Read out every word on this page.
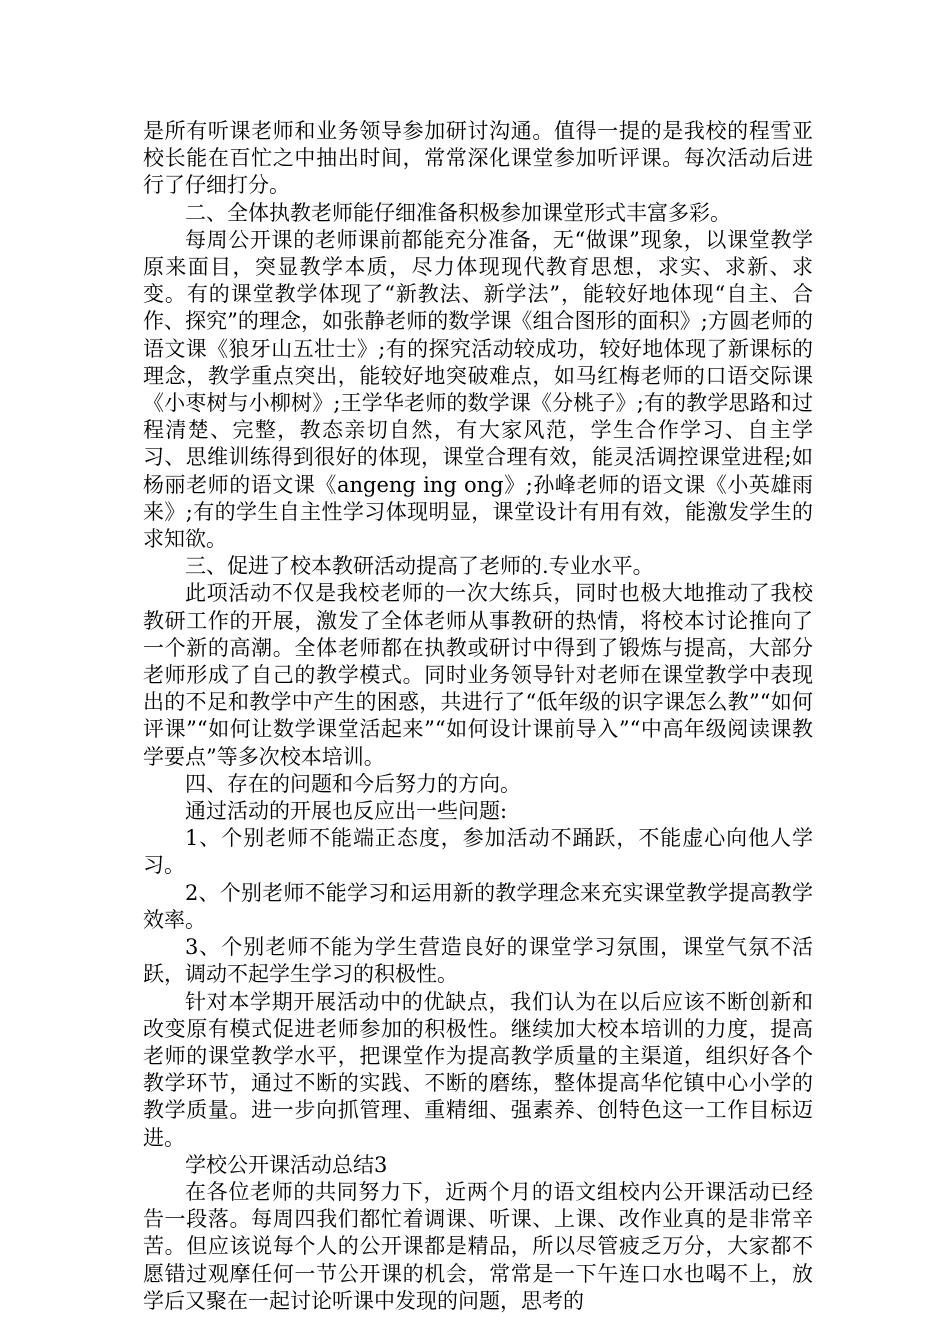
是所有听课老师和业务领导参加研讨沟通。值得一提的是我校的程雪亚校长能在百忙之中抽出时间，常常深化课堂参加听评课。每次活动后进行了仔细打分。

二、全体执教老师能仔细准备积极参加课堂形式丰富多彩。

每周公开课的老师课前都能充分准备，无“做课”现象，以课堂教学原来面目，突显教学本质，尽力体现现代教育思想，求实、求新、求变。有的课堂教学体现了“新教法、新学法”，能较好地体现“自主、合作、探究”的理念，如张静老师的数学课《组合图形的面积》;方圆老师的语文课《狼牙山五壮士》;有的探究活动较成功，较好地体现了新课标的理念，教学重点突出，能较好地突破难点，如马红梅老师的口语交际课《小枣树与小柳树》;王学华老师的数学课《分桃子》;有的教学思路和过程清楚、完整，教态亲切自然，有大家风范，学生合作学习、自主学习、思维训练得到很好的体现，课堂合理有效，能灵活调控课堂进程;如杨丽老师的语文课《angeng ing ong》;孙峰老师的语文课《小英雄雨来》;有的学生自主性学习体现明显，课堂设计有用有效，能激发学生的求知欲。

三、促进了校本教研活动提高了老师的.专业水平。

此项活动不仅是我校老师的一次大练兵，同时也极大地推动了我校教研工作的开展，激发了全体老师从事教研的热情，将校本讨论推向了一个新的高潮。全体老师都在执教或研讨中得到了锻炼与提高，大部分老师形成了自己的教学模式。同时业务领导针对老师在课堂教学中表现出的不足和教学中产生的困惑，共进行了“低年级的识字课怎么教”“如何评课”“如何让数学课堂活起来”“如何设计课前导入”“中高年级阅读课教学要点”等多次校本培训。

四、存在的问题和今后努力的方向。

通过活动的开展也反应出一些问题:

1、个别老师不能端正态度，参加活动不踊跃，不能虚心向他人学习。

2、个别老师不能学习和运用新的教学理念来充实课堂教学提高教学效率。

3、个别老师不能为学生营造良好的课堂学习氛围，课堂气氛不活跃，调动不起学生学习的积极性。

针对本学期开展活动中的优缺点，我们认为在以后应该不断创新和改变原有模式促进老师参加的积极性。继续加大校本培训的力度，提高老师的课堂教学水平，把课堂作为提高教学质量的主渠道，组织好各个教学环节，通过不断的实践、不断的磨练，整体提高华佗镇中心小学的教学质量。进一步向抓管理、重精细、强素养、创特色这一工作目标迈进。

学校公开课活动总结3

在各位老师的共同努力下，近两个月的语文组校内公开课活动已经告一段落。每周四我们都忙着调课、听课、上课、改作业真的是非常辛苦。但应该说每个人的公开课都是精品，所以尽管疲乏万分，大家都不愿错过观摩任何一节公开课的机会，常常是一下午连口水也喝不上，放学后又聚在一起讨论听课中发现的问题，思考的
